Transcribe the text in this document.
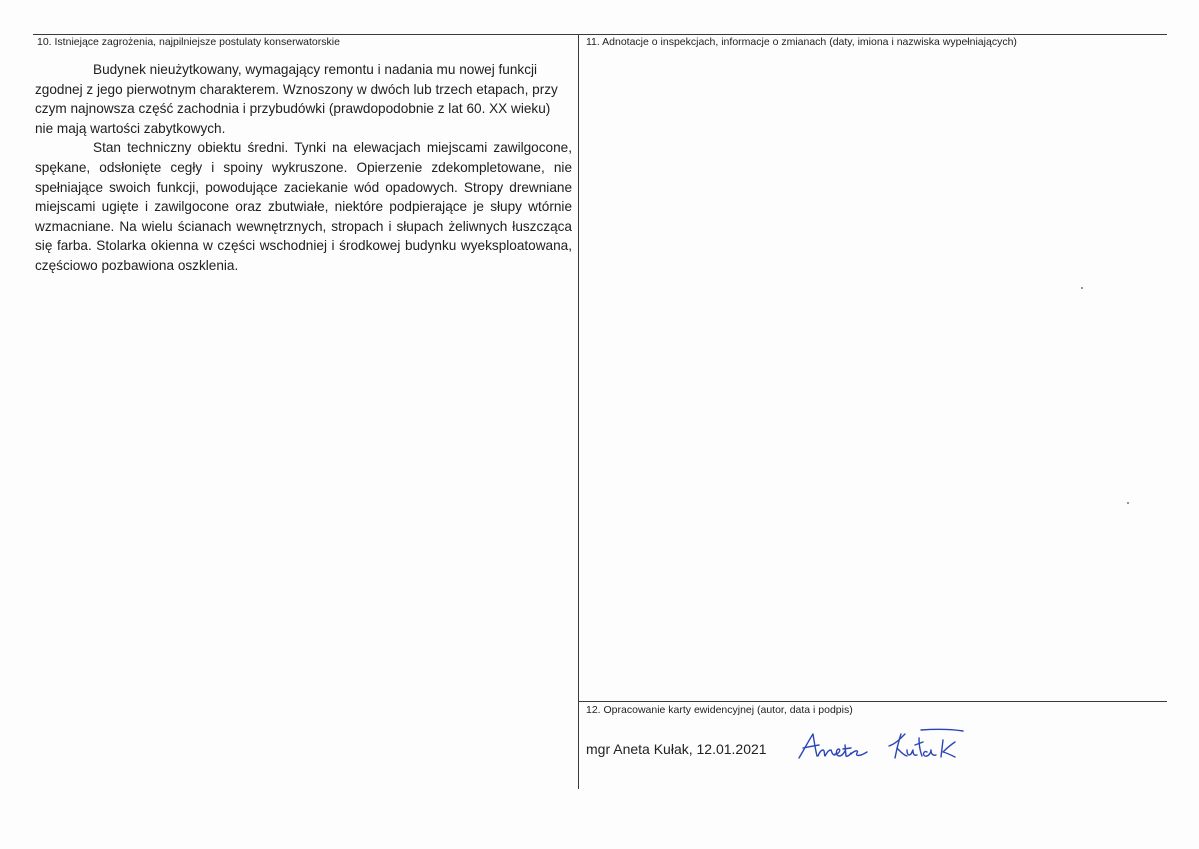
10. Istniejące zagrożenia, najpilniejsze postulaty konserwatorskie

Budynek nieużytkowany, wymagający remontu i nadania mu nowej funkcji zgodnej z jego pierwotnym charakterem. Wznoszony w dwóch lub trzech etapach, przy czym najnowsza część zachodnia i przybudówki (prawdopodobnie z lat 60. XX wieku) nie mają wartości zabytkowych.

Stan techniczny obiektu średni. Tynki na elewacjach miejscami zawilgocone, spękane, odsłonięte cegły i spoiny wykruszone. Opierzenie zdekompletowane, nie spełniające swoich funkcji, powodujące zaciekanie wód opadowych. Stropy drewniane miejscami ugięte i zawilgocone oraz zbutwiałe, niektóre podpierające je słupy wtórnie wzmacniane. Na wielu ścianach wewnętrznych, stropach i słupach żeliwnych łuszcząca się farba. Stolarka okienna w części wschodniej i środkowej budynku wyeksploatowana, częściowo pozbawiona oszklenia.

11. Adnotacje o inspekcjach, informacje o zmianach (daty, imiona i nazwiska wypełniających)
12. Opracowanie karty ewidencyjnej (autor, data i podpis)
mgr Aneta Kułak, 12.01.2021
